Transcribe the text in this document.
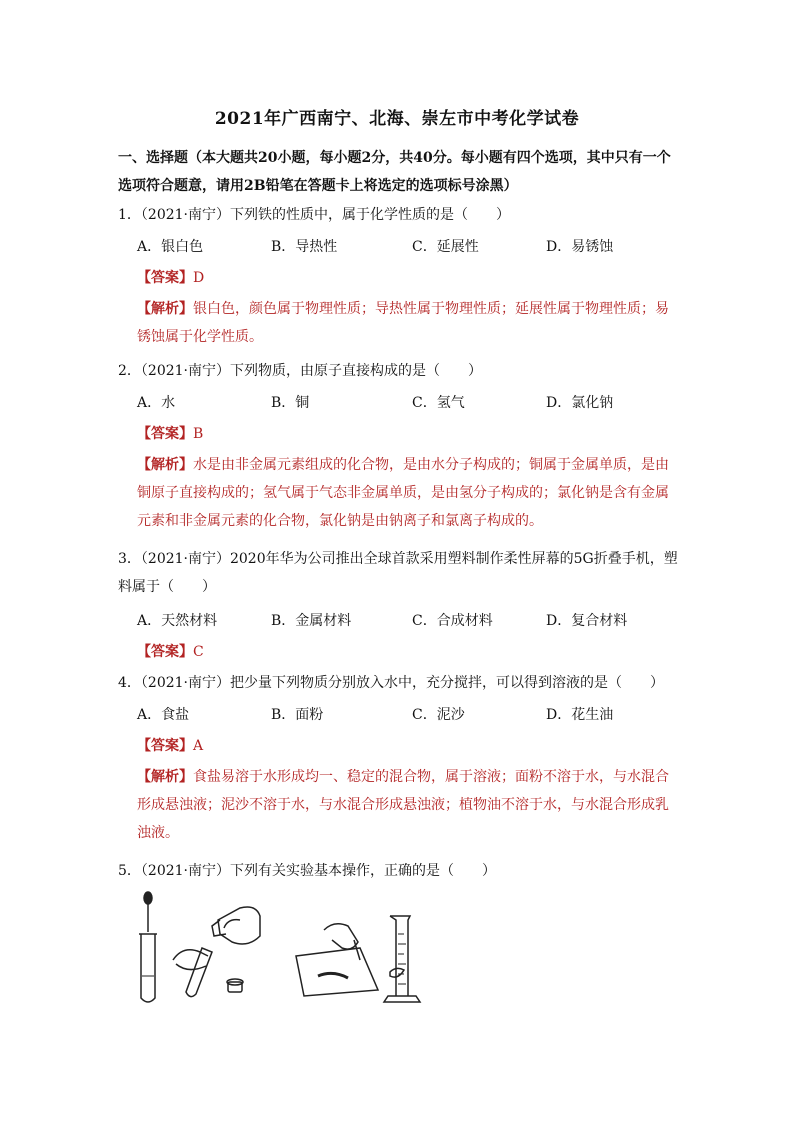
2021年广西南宁、北海、崇左市中考化学试卷
一、选择题（本大题共20小题，每小题2分，共40分。每小题有四个选项，其中只有一个选项符合题意，请用2B铅笔在答题卡上将选定的选项标号涂黑）
1．（2021·南宁）下列铁的性质中，属于化学性质的是（　　）
A．银白色	B．导热性	C．延展性	D．易锈蚀
【答案】D
【解析】银白色，颜色属于物理性质；导热性属于物理性质；延展性属于物理性质；易锈蚀属于化学性质。
2．（2021·南宁）下列物质，由原子直接构成的是（　　）
A．水	B．铜	C．氢气	D．氯化钠
【答案】B
【解析】水是由非金属元素组成的化合物，是由水分子构成的；铜属于金属单质，是由铜原子直接构成的；氢气属于气态非金属单质，是由氢分子构成的；氯化钠是含有金属元素和非金属元素的化合物，氯化钠是由钠离子和氯离子构成的。
3．（2021·南宁）2020年华为公司推出全球首款采用塑料制作柔性屏幕的5G折叠手机，塑料属于（　　）
A．天然材料	B．金属材料	C．合成材料	D．复合材料
【答案】C
4．（2021·南宁）把少量下列物质分别放入水中，充分搅拌，可以得到溶液的是（　　）
A．食盐	B．面粉	C．泥沙	D．花生油
【答案】A
【解析】食盐易溶于水形成均一、稳定的混合物，属于溶液；面粉不溶于水，与水混合形成悬浊液；泥沙不溶于水，与水混合形成悬浊液；植物油不溶于水，与水混合形成乳浊液。
5．（2021·南宁）下列有关实验基本操作，正确的是（　　）
